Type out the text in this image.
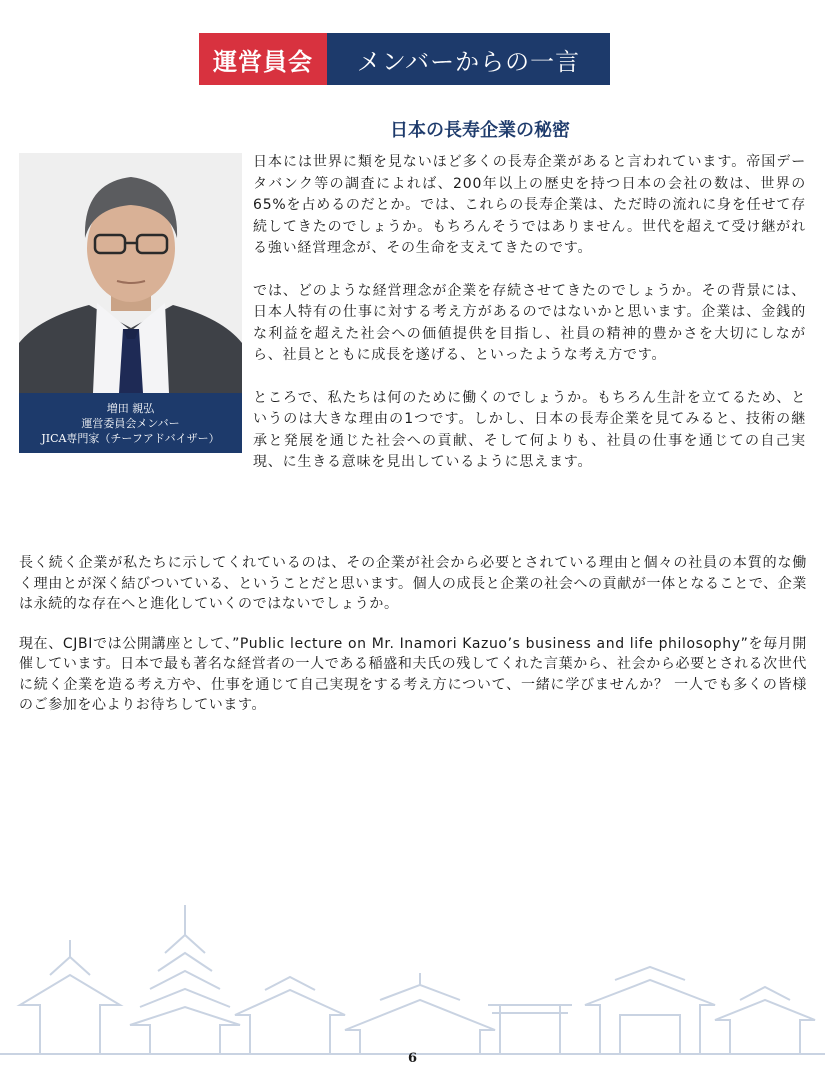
運営員会	メンバーからの一言
日本の長寿企業の秘密
増田 親弘
運営委員会メンバー
JICA専門家（チーフアドバイザー）

日本には世界に類を見ないほど多くの長寿企業があると言われています。帝国データバンク等の調査によれば、200年以上の歴史を持つ日本の会社の数は、世界の65%を占めるのだとか。では、これらの長寿企業は、ただ時の流れに身を任せて存続してきたのでしょうか。もちろんそうではありません。世代を超えて受け継がれる強い経営理念が、その生命を支えてきたのです。

では、どのような経営理念が企業を存続させてきたのでしょうか。その背景には、日本人特有の仕事に対する考え方があるのではないかと思います。企業は、金銭的な利益を超えた社会への価値提供を目指し、社員の精神的豊かさを大切にしながら、社員とともに成長を遂げる、といったような考え方です。

ところで、私たちは何のために働くのでしょうか。もちろん生計を立てるため、というのは大きな理由の1つです。しかし、日本の長寿企業を見てみると、技術の継承と発展を通じた社会への貢献、そして何よりも、社員の仕事を通じての自己実現、に生きる意味を見出しているように思えます。

長く続く企業が私たちに示してくれているのは、その企業が社会から必要とされている理由と個々の社員の本質的な働く理由とが深く結びついている、ということだと思います。個人の成長と企業の社会への貢献が一体となることで、企業は永続的な存在へと進化していくのではないでしょうか。

現在、CJBIでは公開講座として、”Public lecture on Mr. Inamori Kazuo’s business and life philosophy”を毎月開催しています。日本で最も著名な経営者の一人である稲盛和夫氏の残してくれた言葉から、社会から必要とされる次世代に続く企業を造る考え方や、仕事を通じて自己実現をする考え方について、一緒に学びませんか？ 一人でも多くの皆様のご参加を心よりお待ちしています。

6
